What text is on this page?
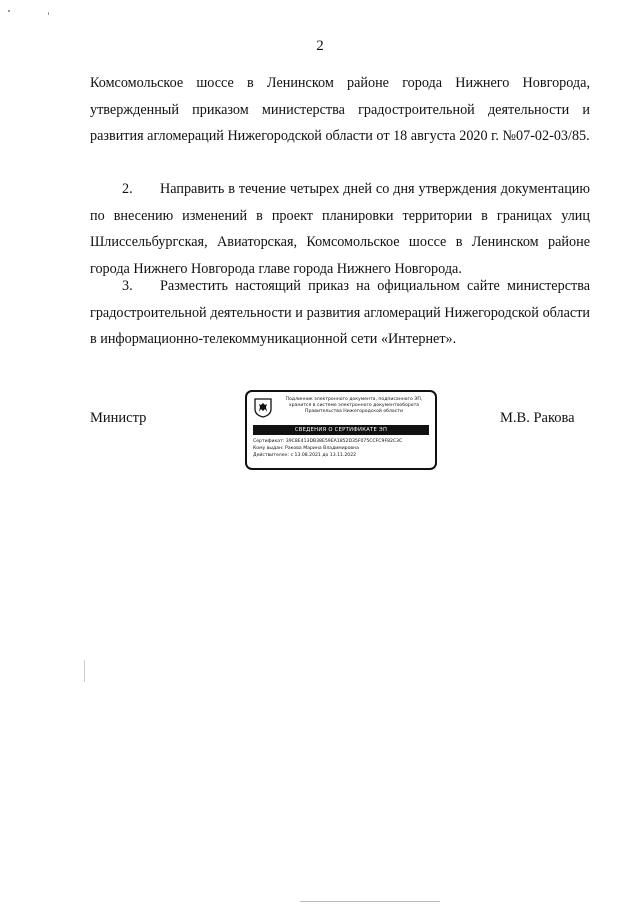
2

Комсомольское шоссе в Ленинском районе города Нижнего Новгорода, утвержденный приказом министерства градостроительной деятельности и развития агломераций Нижегородской области от 18 августа 2020 г. №07-02-03/85.

2. Направить в течение четырех дней со дня утверждения документацию по внесению изменений в проект планировки территории в границах улиц Шлиссельбургская, Авиаторская, Комсомольское шоссе в Ленинском районе города Нижнего Новгорода главе города Нижнего Новгорода.

3. Разместить настоящий приказ на официальном сайте министерства градостроительной деятельности и развития агломераций Нижегородской области в информационно-телекоммуникационной сети «Интернет».

Министр	М.В. Ракова
Подлинник электронного документа, подписанного ЭП, хранится в системе электронного документооборота Правительства Нижегородской области
СВЕДЕНИЯ О СЕРТИФИКАТЕ ЭП
Сертификат: 39C8E413DB38E59EA1852D35F075CCFC9F82C3C
Кому выдан: Ракова Марина Владимировна
Действителен: с 13.08.2021 до 13.11.2022
